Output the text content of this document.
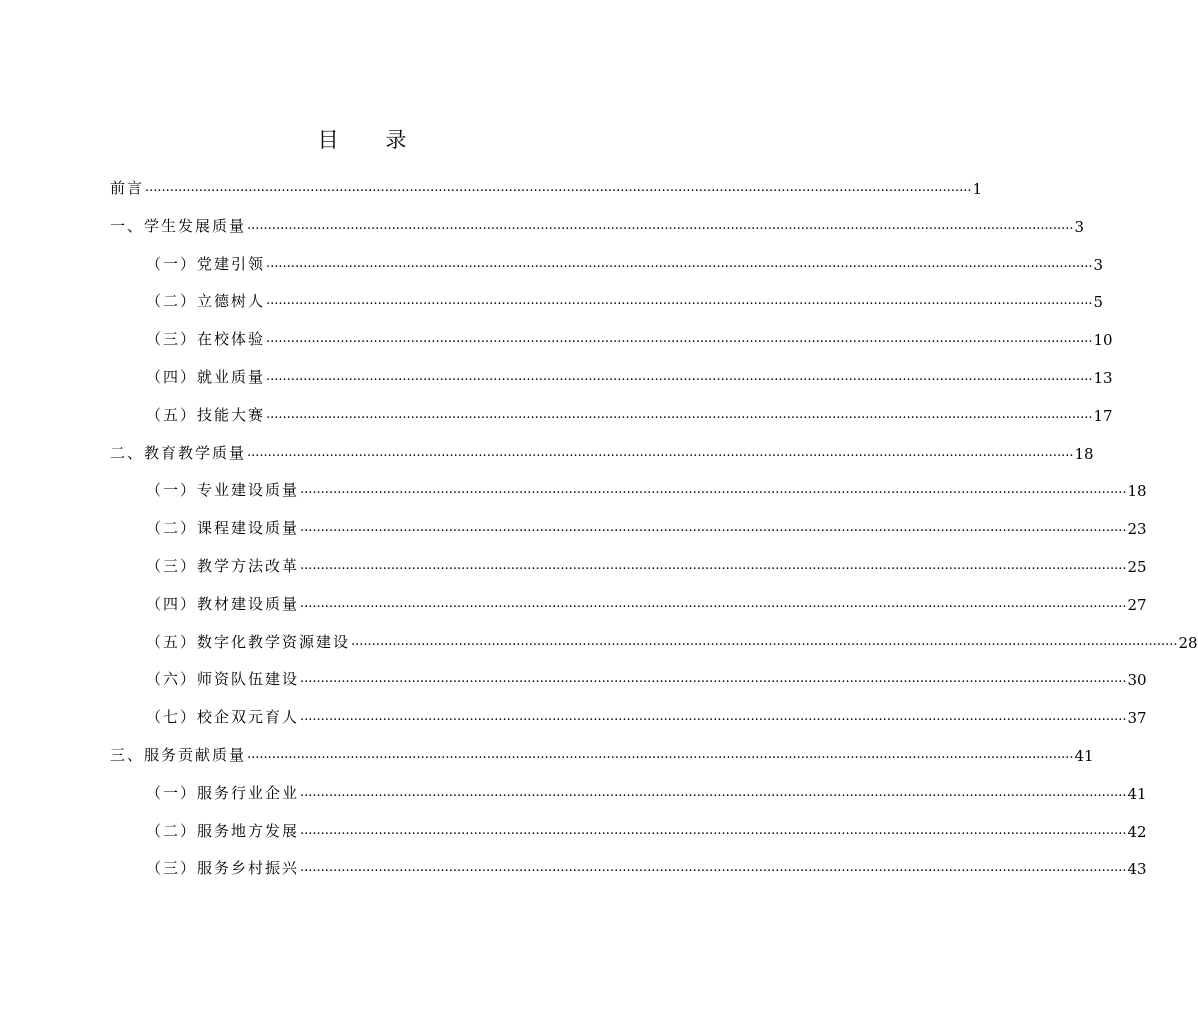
目 录
前言 ........................................................................................................................................................................................................ 1
一、学生发展质量 ........................................................................................................................................................................................................ 3
（一）党建引领 ........................................................................................................................................................................................................ 3
（二）立德树人 ........................................................................................................................................................................................................ 5
（三）在校体验 ........................................................................................................................................................................................................ 10
（四）就业质量 ........................................................................................................................................................................................................ 13
（五）技能大赛 ........................................................................................................................................................................................................ 17
二、教育教学质量 ........................................................................................................................................................................................................ 18
（一）专业建设质量 ........................................................................................................................................................................................................ 18
（二）课程建设质量 ........................................................................................................................................................................................................ 23
（三）教学方法改革 ........................................................................................................................................................................................................ 25
（四）教材建设质量 ........................................................................................................................................................................................................ 27
（五）数字化教学资源建设 ........................................................................................................................................................................................................ 28
（六）师资队伍建设 ........................................................................................................................................................................................................ 30
（七）校企双元育人 ........................................................................................................................................................................................................ 37
三、服务贡献质量 ........................................................................................................................................................................................................ 41
（一）服务行业企业 ........................................................................................................................................................................................................ 41
（二）服务地方发展 ........................................................................................................................................................................................................ 42
（三）服务乡村振兴 ........................................................................................................................................................................................................ 43
